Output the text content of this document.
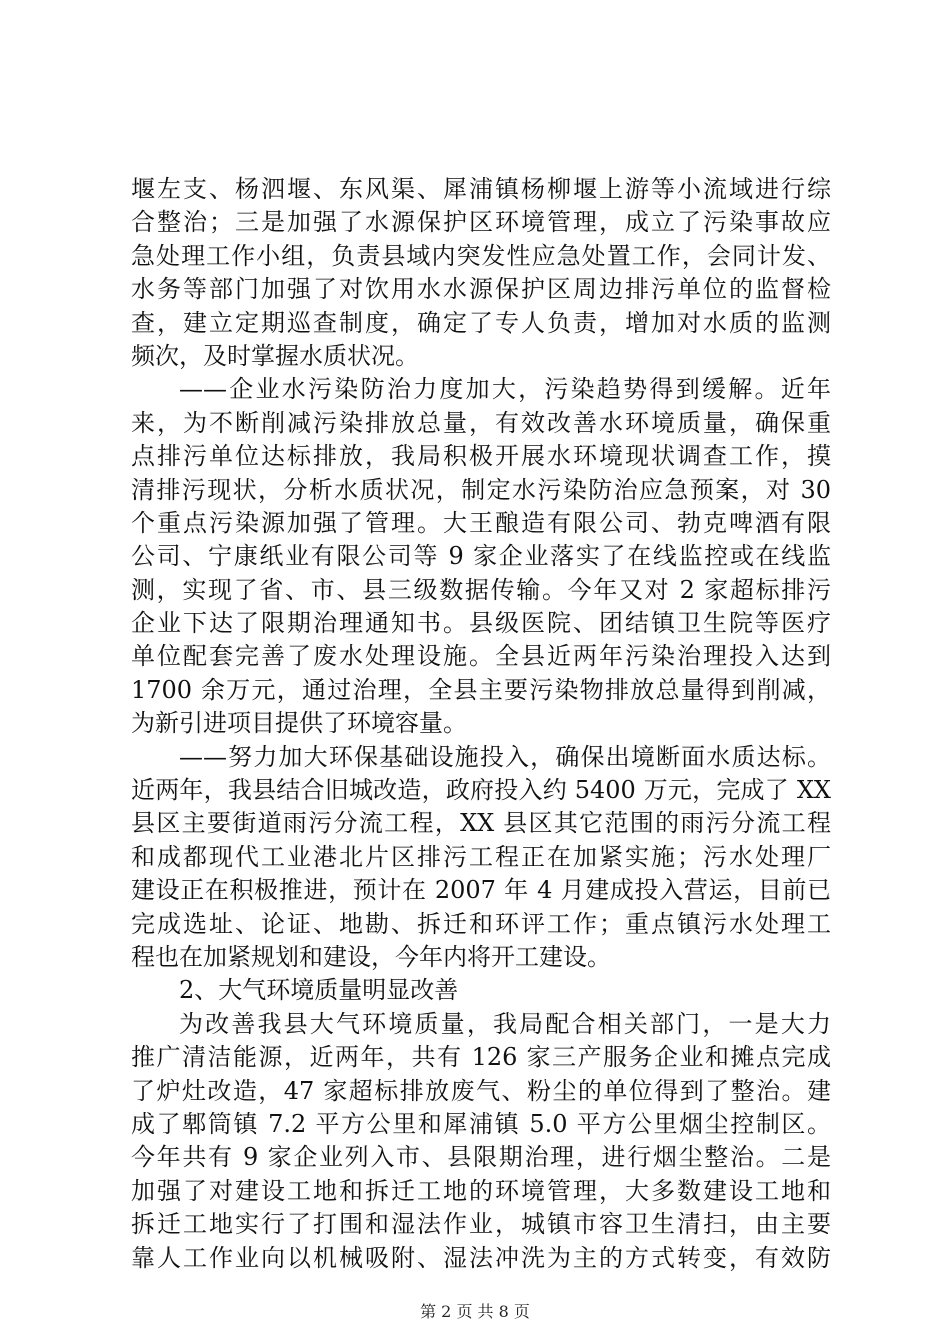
堰左支、杨泗堰、东风渠、犀浦镇杨柳堰上游等小流域进行综
合整治；三是加强了水源保护区环境管理，成立了污染事故应
急处理工作小组，负责县域内突发性应急处置工作，会同计发、
水务等部门加强了对饮用水水源保护区周边排污单位的监督检
查，建立定期巡查制度，确定了专人负责，增加对水质的监测
频次，及时掌握水质状况。
——企业水污染防治力度加大，污染趋势得到缓解。近年
来，为不断削减污染排放总量，有效改善水环境质量，确保重
点排污单位达标排放，我局积极开展水环境现状调查工作，摸
清排污现状，分析水质状况，制定水污染防治应急预案，对 30
个重点污染源加强了管理。大王酿造有限公司、勃克啤酒有限
公司、宁康纸业有限公司等 9 家企业落实了在线监控或在线监
测，实现了省、市、县三级数据传输。今年又对 2 家超标排污
企业下达了限期治理通知书。县级医院、团结镇卫生院等医疗
单位配套完善了废水处理设施。全县近两年污染治理投入达到
1700 余万元，通过治理，全县主要污染物排放总量得到削减，
为新引进项目提供了环境容量。
——努力加大环保基础设施投入，确保出境断面水质达标。
近两年，我县结合旧城改造，政府投入约 5400 万元，完成了 XX
县区主要街道雨污分流工程，XX 县区其它范围的雨污分流工程
和成都现代工业港北片区排污工程正在加紧实施；污水处理厂
建设正在积极推进，预计在 2007 年 4 月建成投入营运，目前已
完成选址、论证、地勘、拆迁和环评工作；重点镇污水处理工
程也在加紧规划和建设，今年内将开工建设。
2、大气环境质量明显改善
为改善我县大气环境质量，我局配合相关部门，一是大力
推广清洁能源，近两年，共有 126 家三产服务企业和摊点完成
了炉灶改造，47 家超标排放废气、粉尘的单位得到了整治。建
成了郫筒镇 7.2 平方公里和犀浦镇 5.0 平方公里烟尘控制区。
今年共有 9 家企业列入市、县限期治理，进行烟尘整治。二是
加强了对建设工地和拆迁工地的环境管理，大多数建设工地和
拆迁工地实行了打围和湿法作业，城镇市容卫生清扫，由主要
靠人工作业向以机械吸附、湿法冲洗为主的方式转变，有效防
第 2 页 共 8 页
